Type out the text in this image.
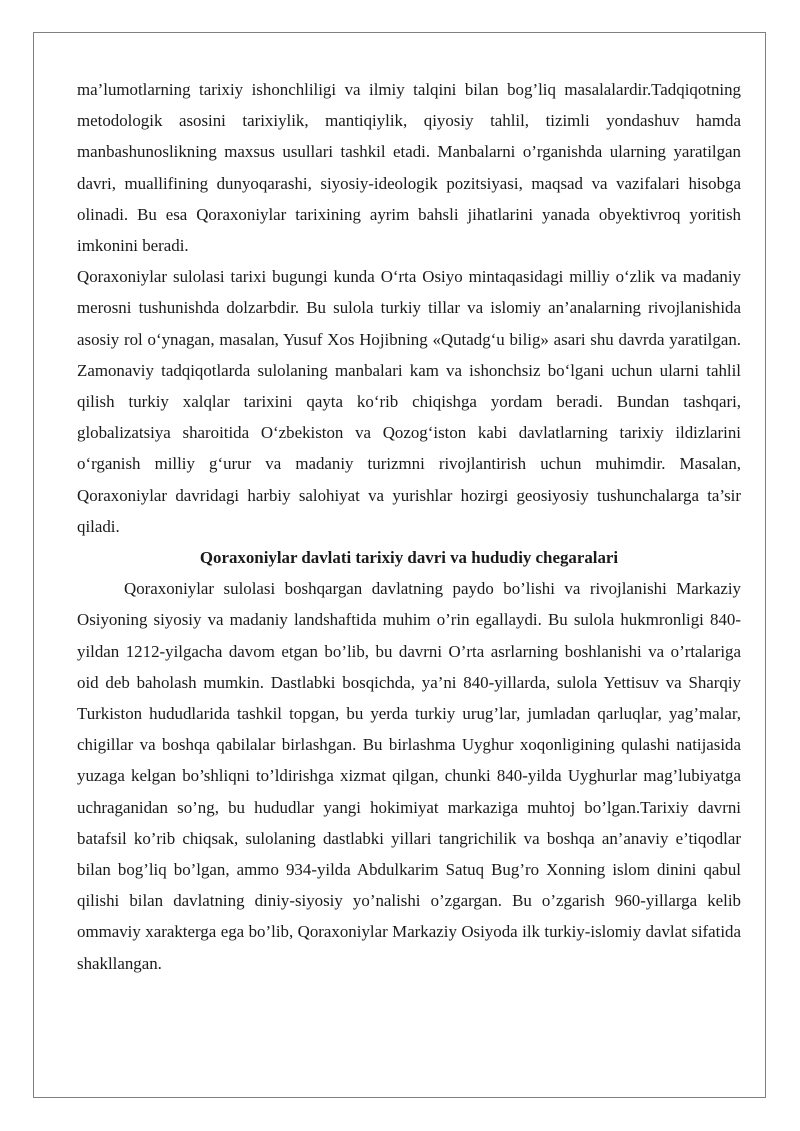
ma’lumotlarning tarixiy ishonchliligi va ilmiy talqini bilan bog’liq masalalardir.Tadqiqotning metodologik asosini tarixiylik, mantiqiylik, qiyosiy tahlil, tizimli yondashuv hamda manbashunoslikning maxsus usullari tashkil etadi. Manbalarni o’rganishda ularning yaratilgan davri, muallifining dunyoqarashi, siyosiy-ideologik pozitsiyasi, maqsad va vazifalari hisobga olinadi. Bu esa Qoraxoniylar tarixining ayrim bahsli jihatlarini yanada obyektivroq yoritish imkonini beradi.

Qoraxoniylar sulolasi tarixi bugungi kunda O‘rta Osiyo mintaqasidagi milliy o‘zlik va madaniy merosni tushunishda dolzarbdir. Bu sulola turkiy tillar va islomiy an’analarning rivojlanishida asosiy rol o‘ynagan, masalan, Yusuf Xos Hojibning «Qutadg‘u bilig» asari shu davrda yaratilgan. Zamonaviy tadqiqotlarda sulolaning manbalari kam va ishonchsiz bo‘lgani uchun ularni tahlil qilish turkiy xalqlar tarixini qayta ko‘rib chiqishga yordam beradi. Bundan tashqari, globalizatsiya sharoitida O‘zbekiston va Qozog‘iston kabi davlatlarning tarixiy ildizlarini o‘rganish milliy g‘urur va madaniy turizmni rivojlantirish uchun muhimdir. Masalan, Qoraxoniylar davridagi harbiy salohiyat va yurishlar hozirgi geosiyosiy tushunchalarga ta’sir qiladi.

Qoraxoniylar davlati tarixiy davri va hududiy chegaralari

Qoraxoniylar sulolasi boshqargan davlatning paydo bo’lishi va rivojlanishi Markaziy Osiyoning siyosiy va madaniy landshaftida muhim o’rin egallaydi. Bu sulola hukmronligi 840-yildan 1212-yilgacha davom etgan bo’lib, bu davrni O’rta asrlarning boshlanishi va o’rtalariga oid deb baholash mumkin. Dastlabki bosqichda, ya’ni 840-yillarda, sulola Yettisuv va Sharqiy Turkiston hududlarida tashkil topgan, bu yerda turkiy urug’lar, jumladan qarluqlar, yag’malar, chigillar va boshqa qabilalar birlashgan. Bu birlashma Uyghur xoqonligining qulashi natijasida yuzaga kelgan bo’shliqni to’ldirishga xizmat qilgan, chunki 840-yilda Uyghurlar mag’lubiyatga uchraganidan so’ng, bu hududlar yangi hokimiyat markaziga muhtoj bo’lgan.Tarixiy davrni batafsil ko’rib chiqsak, sulolaning dastlabki yillari tangrichilik va boshqa an’anaviy e’tiqodlar bilan bog’liq bo’lgan, ammo 934-yilda Abdulkarim Satuq Bug’ro Xonning islom dinini qabul qilishi bilan davlatning diniy-siyosiy yo’nalishi o’zgargan. Bu o’zgarish 960-yillarga kelib ommaviy xarakterga ega bo’lib, Qoraxoniylar Markaziy Osiyoda ilk turkiy-islomiy davlat sifatida shakllangan.
